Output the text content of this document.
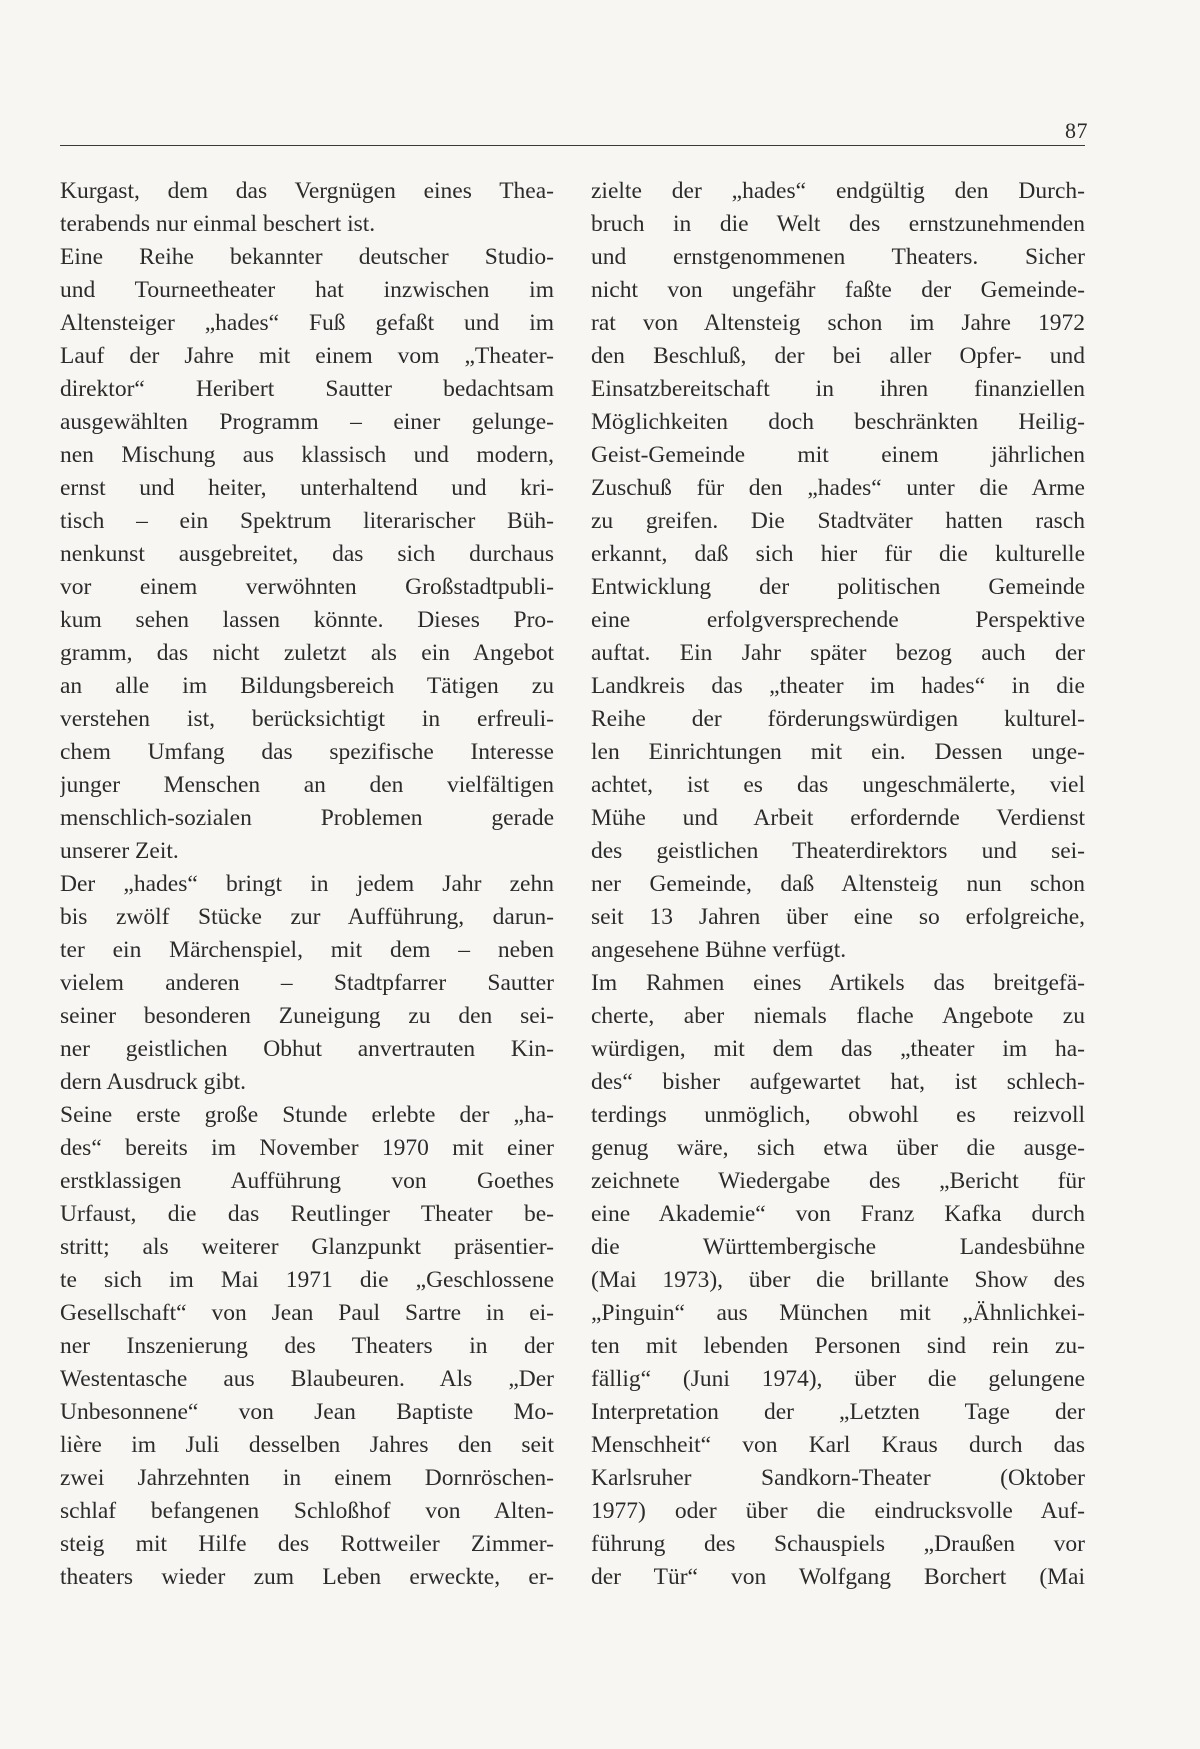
87
Kurgast, dem das Vergnügen eines Thea-
terabends nur einmal beschert ist.
Eine Reihe bekannter deutscher Studio-
und Tourneetheater hat inzwischen im
Altensteiger „hades“ Fuß gefaßt und im
Lauf der Jahre mit einem vom „Theater-
direktor“ Heribert Sautter bedachtsam
ausgewählten Programm – einer gelunge-
nen Mischung aus klassisch und modern,
ernst und heiter, unterhaltend und kri-
tisch – ein Spektrum literarischer Büh-
nenkunst ausgebreitet, das sich durchaus
vor einem verwöhnten Großstadtpubli-
kum sehen lassen könnte. Dieses Pro-
gramm, das nicht zuletzt als ein Angebot
an alle im Bildungsbereich Tätigen zu
verstehen ist, berücksichtigt in erfreuli-
chem Umfang das spezifische Interesse
junger Menschen an den vielfältigen
menschlich-sozialen Problemen gerade
unserer Zeit.
Der „hades“ bringt in jedem Jahr zehn
bis zwölf Stücke zur Aufführung, darun-
ter ein Märchenspiel, mit dem – neben
vielem anderen – Stadtpfarrer Sautter
seiner besonderen Zuneigung zu den sei-
ner geistlichen Obhut anvertrauten Kin-
dern Ausdruck gibt.
Seine erste große Stunde erlebte der „ha-
des“ bereits im November 1970 mit einer
erstklassigen Aufführung von Goethes
Urfaust, die das Reutlinger Theater be-
stritt; als weiterer Glanzpunkt präsentier-
te sich im Mai 1971 die „Geschlossene
Gesellschaft“ von Jean Paul Sartre in ei-
ner Inszenierung des Theaters in der
Westentasche aus Blaubeuren. Als „Der
Unbesonnene“ von Jean Baptiste Mo-
lière im Juli desselben Jahres den seit
zwei Jahrzehnten in einem Dornröschen-
schlaf befangenen Schloßhof von Alten-
steig mit Hilfe des Rottweiler Zimmer-
theaters wieder zum Leben erweckte, er-
zielte der „hades“ endgültig den Durch-
bruch in die Welt des ernstzunehmenden
und ernstgenommenen Theaters. Sicher
nicht von ungefähr faßte der Gemeinde-
rat von Altensteig schon im Jahre 1972
den Beschluß, der bei aller Opfer- und
Einsatzbereitschaft in ihren finanziellen
Möglichkeiten doch beschränkten Heilig-
Geist-Gemeinde mit einem jährlichen
Zuschuß für den „hades“ unter die Arme
zu greifen. Die Stadtväter hatten rasch
erkannt, daß sich hier für die kulturelle
Entwicklung der politischen Gemeinde
eine erfolgversprechende Perspektive
auftat. Ein Jahr später bezog auch der
Landkreis das „theater im hades“ in die
Reihe der förderungswürdigen kulturel-
len Einrichtungen mit ein. Dessen unge-
achtet, ist es das ungeschmälerte, viel
Mühe und Arbeit erfordernde Verdienst
des geistlichen Theaterdirektors und sei-
ner Gemeinde, daß Altensteig nun schon
seit 13 Jahren über eine so erfolgreiche,
angesehene Bühne verfügt.
Im Rahmen eines Artikels das breitgefä-
cherte, aber niemals flache Angebote zu
würdigen, mit dem das „theater im ha-
des“ bisher aufgewartet hat, ist schlech-
terdings unmöglich, obwohl es reizvoll
genug wäre, sich etwa über die ausge-
zeichnete Wiedergabe des „Bericht für
eine Akademie“ von Franz Kafka durch
die Württembergische Landesbühne
(Mai 1973), über die brillante Show des
„Pinguin“ aus München mit „Ähnlichkei-
ten mit lebenden Personen sind rein zu-
fällig“ (Juni 1974), über die gelungene
Interpretation der „Letzten Tage der
Menschheit“ von Karl Kraus durch das
Karlsruher Sandkorn-Theater (Oktober
1977) oder über die eindrucksvolle Auf-
führung des Schauspiels „Draußen vor
der Tür“ von Wolfgang Borchert (Mai
